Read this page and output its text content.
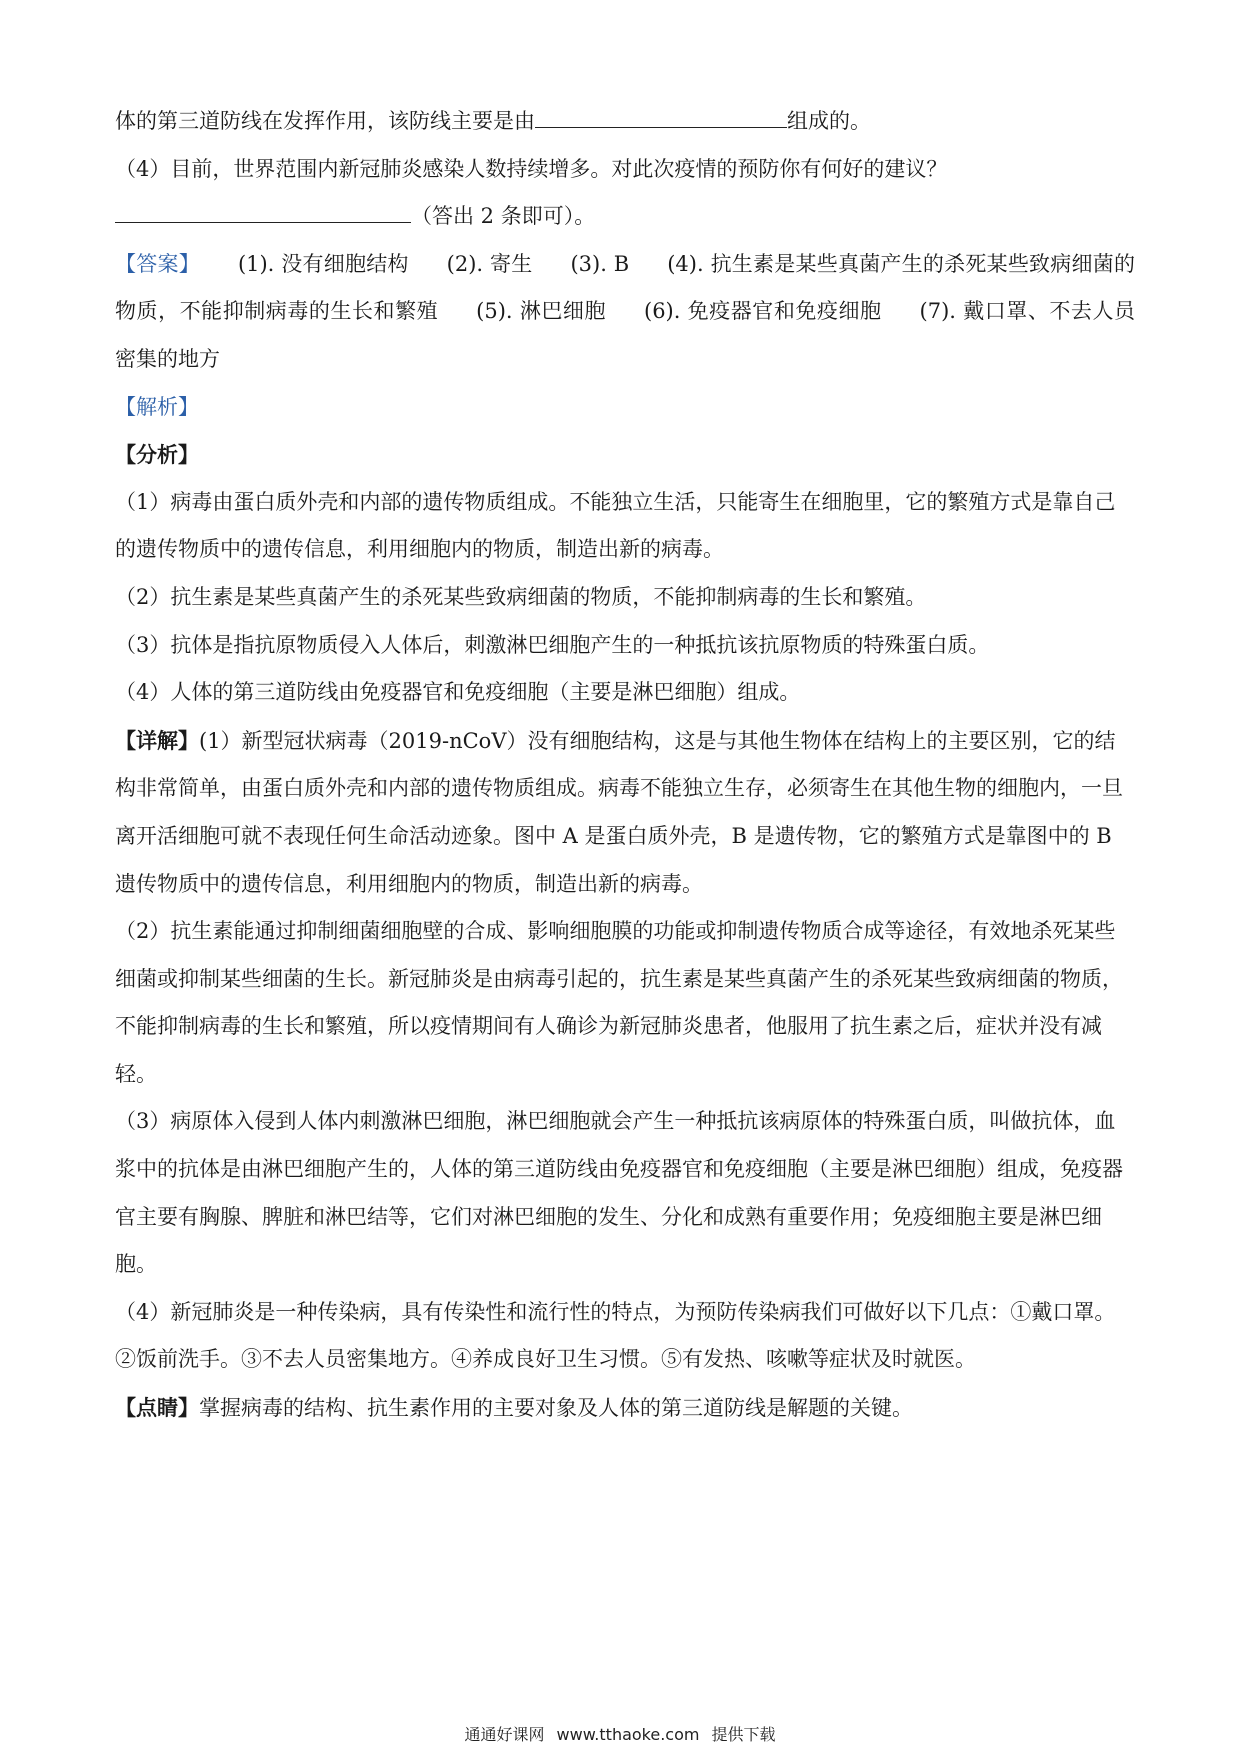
体的第三道防线在发挥作用，该防线主要是由	组成的。

（4）目前，世界范围内新冠肺炎感染人数持续增多。对此次疫情的预防你有何好的建议？

（答出 2 条即可）。

【答案】 (1). 没有细胞结构 (2). 寄生 (3). B (4). 抗生素是某些真菌产生的杀死某些致病细菌的物质，不能抑制病毒的生长和繁殖 (5). 淋巴细胞 (6). 免疫器官和免疫细胞 (7). 戴口罩、不去人员密集的地方

【解析】

【分析】

（1）病毒由蛋白质外壳和内部的遗传物质组成。不能独立生活，只能寄生在细胞里，它的繁殖方式是靠自己的遗传物质中的遗传信息，利用细胞内的物质，制造出新的病毒。

（2）抗生素是某些真菌产生的杀死某些致病细菌的物质，不能抑制病毒的生长和繁殖。

（3）抗体是指抗原物质侵入人体后，刺激淋巴细胞产生的一种抵抗该抗原物质的特殊蛋白质。

（4）人体的第三道防线由免疫器官和免疫细胞（主要是淋巴细胞）组成。

【详解】(1）新型冠状病毒（2019-nCoV）没有细胞结构，这是与其他生物体在结构上的主要区别，它的结构非常简单，由蛋白质外壳和内部的遗传物质组成。病毒不能独立生存，必须寄生在其他生物的细胞内，一旦离开活细胞可就不表现任何生命活动迹象。图中 A 是蛋白质外壳，B 是遗传物，它的繁殖方式是靠图中的 B 遗传物质中的遗传信息，利用细胞内的物质，制造出新的病毒。

（2）抗生素能通过抑制细菌细胞壁的合成、影响细胞膜的功能或抑制遗传物质合成等途径，有效地杀死某些细菌或抑制某些细菌的生长。新冠肺炎是由病毒引起的，抗生素是某些真菌产生的杀死某些致病细菌的物质，不能抑制病毒的生长和繁殖，所以疫情期间有人确诊为新冠肺炎患者，他服用了抗生素之后，症状并没有减轻。

（3）病原体入侵到人体内刺激淋巴细胞，淋巴细胞就会产生一种抵抗该病原体的特殊蛋白质，叫做抗体，血浆中的抗体是由淋巴细胞产生的，人体的第三道防线由免疫器官和免疫细胞（主要是淋巴细胞）组成，免疫器官主要有胸腺、脾脏和淋巴结等，它们对淋巴细胞的发生、分化和成熟有重要作用；免疫细胞主要是淋巴细胞。

（4）新冠肺炎是一种传染病，具有传染性和流行性的特点，为预防传染病我们可做好以下几点：①戴口罩。②饭前洗手。③不去人员密集地方。④养成良好卫生习惯。⑤有发热、咳嗽等症状及时就医。

【点睛】掌握病毒的结构、抗生素作用的主要对象及人体的第三道防线是解题的关键。

通通好课网 www.tthaoke.com 提供下载
